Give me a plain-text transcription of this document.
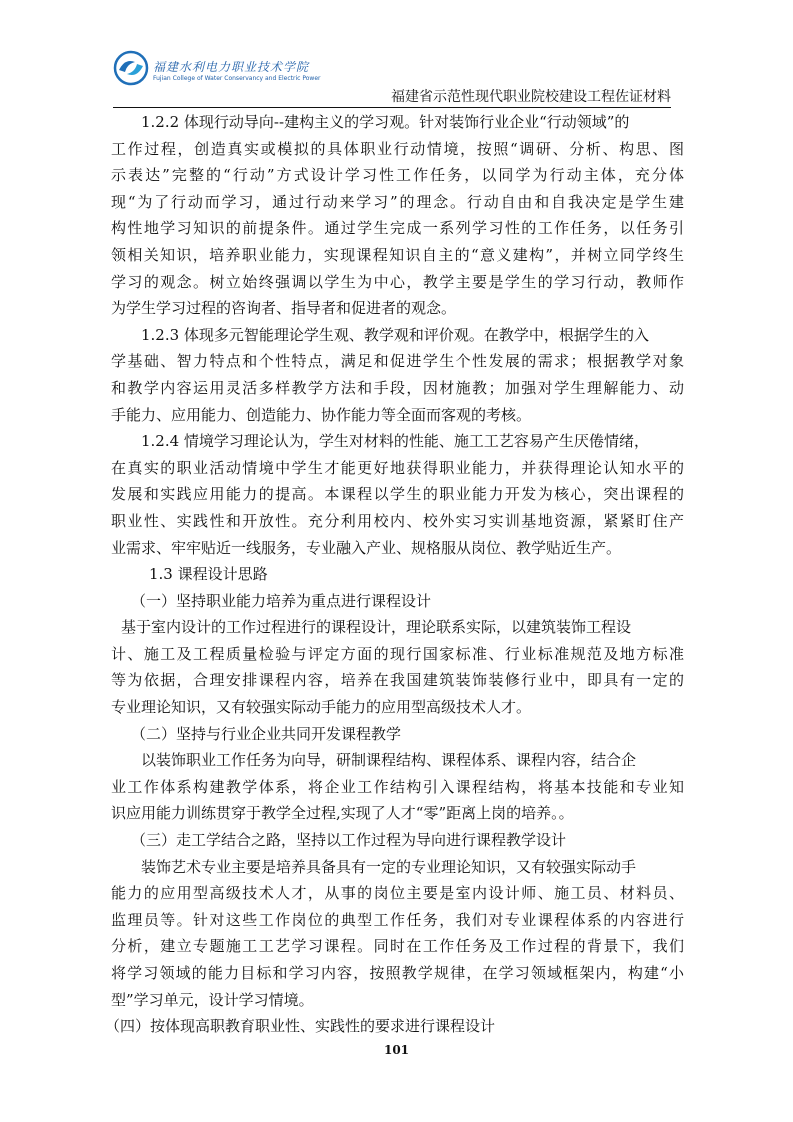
福建水利电力职业技术学院
Fujian College of Water Conservancy and Electric Power
福建省示范性现代职业院校建设工程佐证材料
1.2.2 体现行动导向--建构主义的学习观。针对装饰行业企业“行动领域”的
工作过程，创造真实或模拟的具体职业行动情境，按照“调研、分析、构思、图
示表达”完整的“行动”方式设计学习性工作任务，以同学为行动主体，充分体
现“为了行动而学习，通过行动来学习”的理念。行动自由和自我决定是学生建
构性地学习知识的前提条件。通过学生完成一系列学习性的工作任务，以任务引
领相关知识，培养职业能力，实现课程知识自主的“意义建构”，并树立同学终生
学习的观念。树立始终强调以学生为中心，教学主要是学生的学习行动，教师作
为学生学习过程的咨询者、指导者和促进者的观念。
1.2.3 体现多元智能理论学生观、教学观和评价观。在教学中，根据学生的入
学基础、智力特点和个性特点，满足和促进学生个性发展的需求；根据教学对象
和教学内容运用灵活多样教学方法和手段，因材施教；加强对学生理解能力、动
手能力、应用能力、创造能力、协作能力等全面而客观的考核。
1.2.4 情境学习理论认为，学生对材料的性能、施工工艺容易产生厌倦情绪，
在真实的职业活动情境中学生才能更好地获得职业能力，并获得理论认知水平的
发展和实践应用能力的提高。本课程以学生的职业能力开发为核心，突出课程的
职业性、实践性和开放性。充分利用校内、校外实习实训基地资源，紧紧盯住产
业需求、牢牢贴近一线服务，专业融入产业、规格服从岗位、教学贴近生产。
1.3 课程设计思路
（一）坚持职业能力培养为重点进行课程设计
基于室内设计的工作过程进行的课程设计，理论联系实际，以建筑装饰工程设
计、施工及工程质量检验与评定方面的现行国家标准、行业标准规范及地方标准
等为依据，合理安排课程内容，培养在我国建筑装饰装修行业中，即具有一定的
专业理论知识，又有较强实际动手能力的应用型高级技术人才。
（二）坚持与行业企业共同开发课程教学
以装饰职业工作任务为向导，研制课程结构、课程体系、课程内容，结合企
业工作体系构建教学体系，将企业工作结构引入课程结构，将基本技能和专业知
识应用能力训练贯穿于教学全过程,实现了人才“零”距离上岗的培养。。
（三）走工学结合之路，坚持以工作过程为导向进行课程教学设计
装饰艺术专业主要是培养具备具有一定的专业理论知识，又有较强实际动手
能力的应用型高级技术人才，从事的岗位主要是室内设计师、施工员、材料员、
监理员等。针对这些工作岗位的典型工作任务，我们对专业课程体系的内容进行
分析，建立专题施工工艺学习课程。同时在工作任务及工作过程的背景下，我们
将学习领域的能力目标和学习内容，按照教学规律，在学习领域框架内，构建“小
型”学习单元，设计学习情境。
（四）按体现高职教育职业性、实践性的要求进行课程设计
101
